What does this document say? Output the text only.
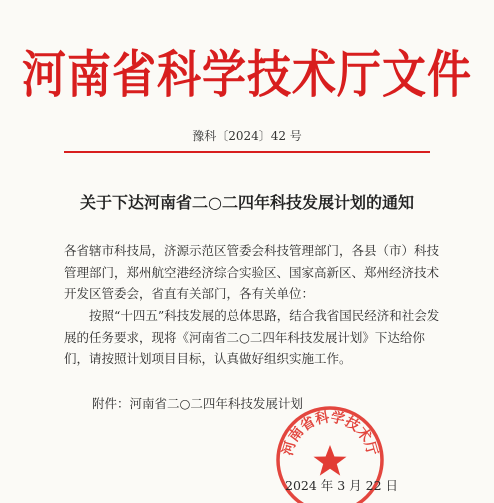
河南省科学技术厅文件
豫科〔2024〕42 号
关于下达河南省二○二四年科技发展计划的通知
各省辖市科技局，济源示范区管委会科技管理部门，各县（市）科技管理部门，郑州航空港经济综合实验区、国家高新区、郑州经济技术开发区管委会，省直有关部门，各有关单位：
按照“十四五”科技发展的总体思路，结合我省国民经济和社会发展的任务要求，现将《河南省二○二四年科技发展计划》下达给你们，请按照计划项目目标，认真做好组织实施工作。
附件：河南省二○二四年科技发展计划
河南省科学技术厅
2024 年 3 月 22 日
